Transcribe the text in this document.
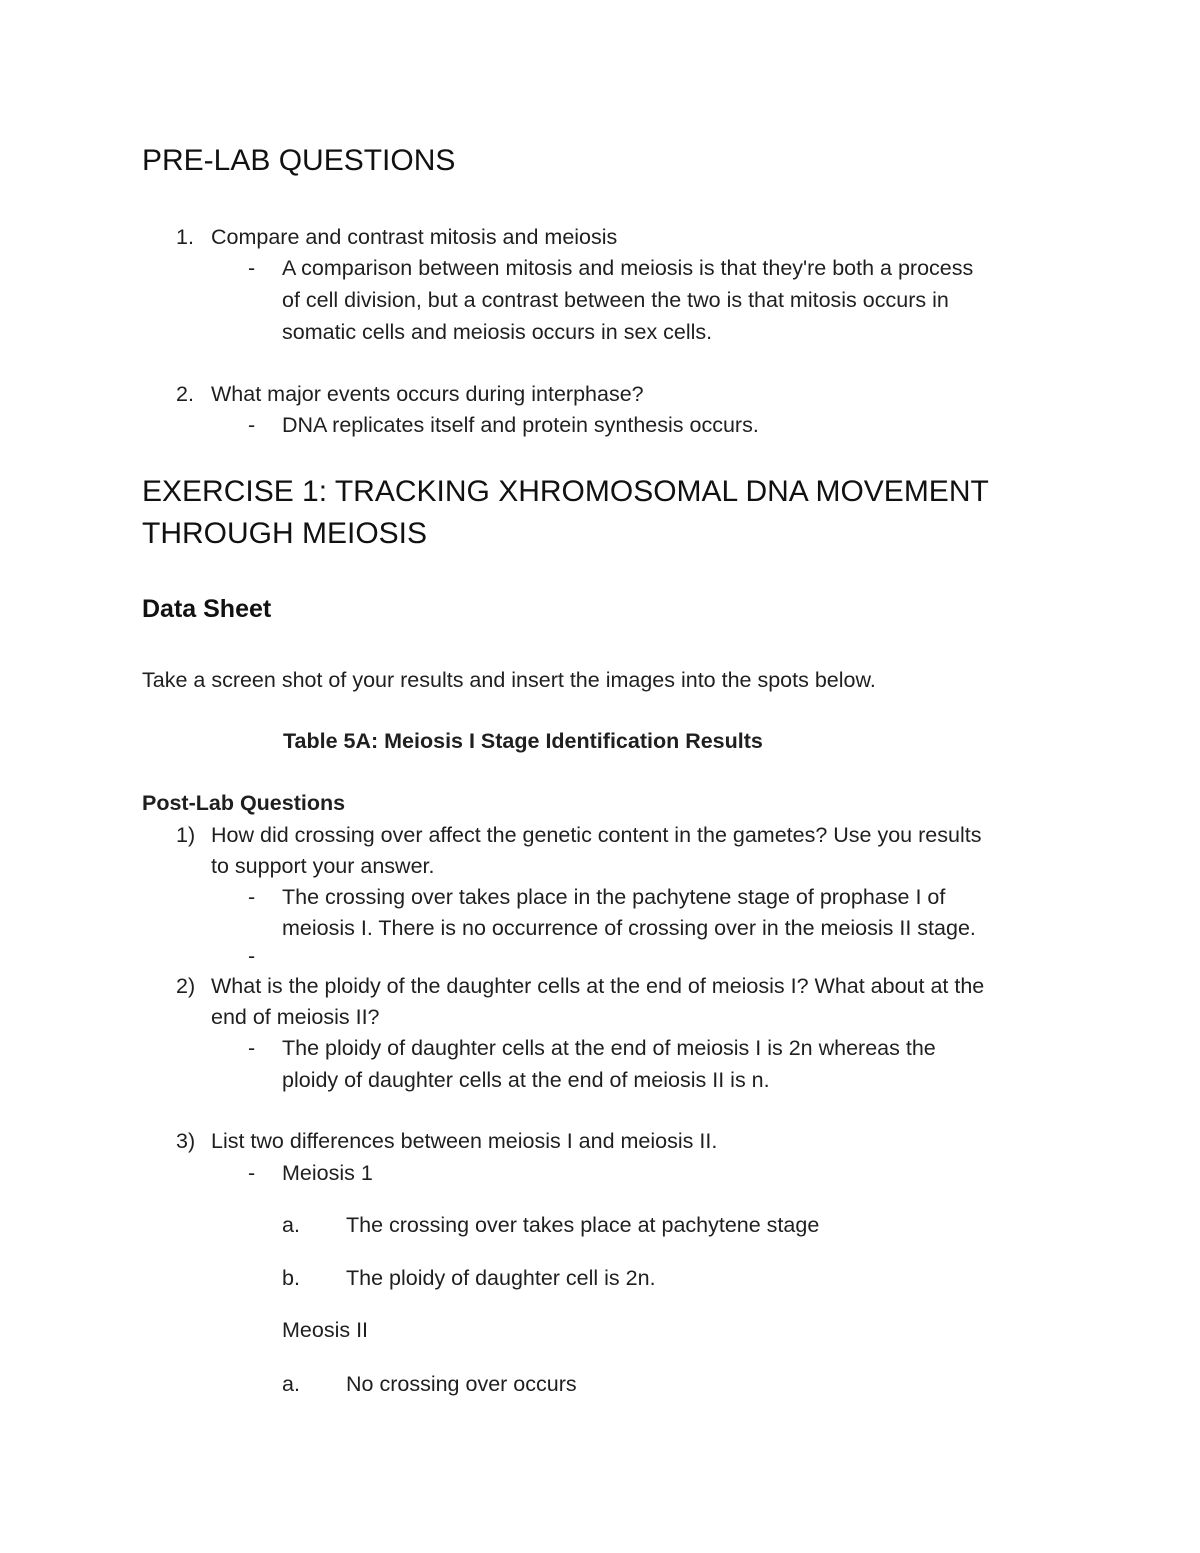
PRE-LAB QUESTIONS
1. Compare and contrast mitosis and meiosis
- A comparison between mitosis and meiosis is that they're both a process
of cell division, but a contrast between the two is that mitosis occurs in
somatic cells and meiosis occurs in sex cells.
2. What major events occurs during interphase?
- DNA replicates itself and protein synthesis occurs.
EXERCISE 1: TRACKING XHROMOSOMAL DNA MOVEMENT
THROUGH MEIOSIS
Data Sheet
Take a screen shot of your results and insert the images into the spots below.
Table 5A: Meiosis I Stage Identification Results
Post-Lab Questions
1) How did crossing over affect the genetic content in the gametes? Use you results
to support your answer.
- The crossing over takes place in the pachytene stage of prophase I of
meiosis I. There is no occurrence of crossing over in the meiosis II stage.
-
2) What is the ploidy of the daughter cells at the end of meiosis I? What about at the
end of meiosis II?
- The ploidy of daughter cells at the end of meiosis I is 2n whereas the
ploidy of daughter cells at the end of meiosis II is n.
3) List two differences between meiosis I and meiosis II.
- Meiosis 1
a. The crossing over takes place at pachytene stage
b. The ploidy of daughter cell is 2n.
Meosis II
a. No crossing over occurs
